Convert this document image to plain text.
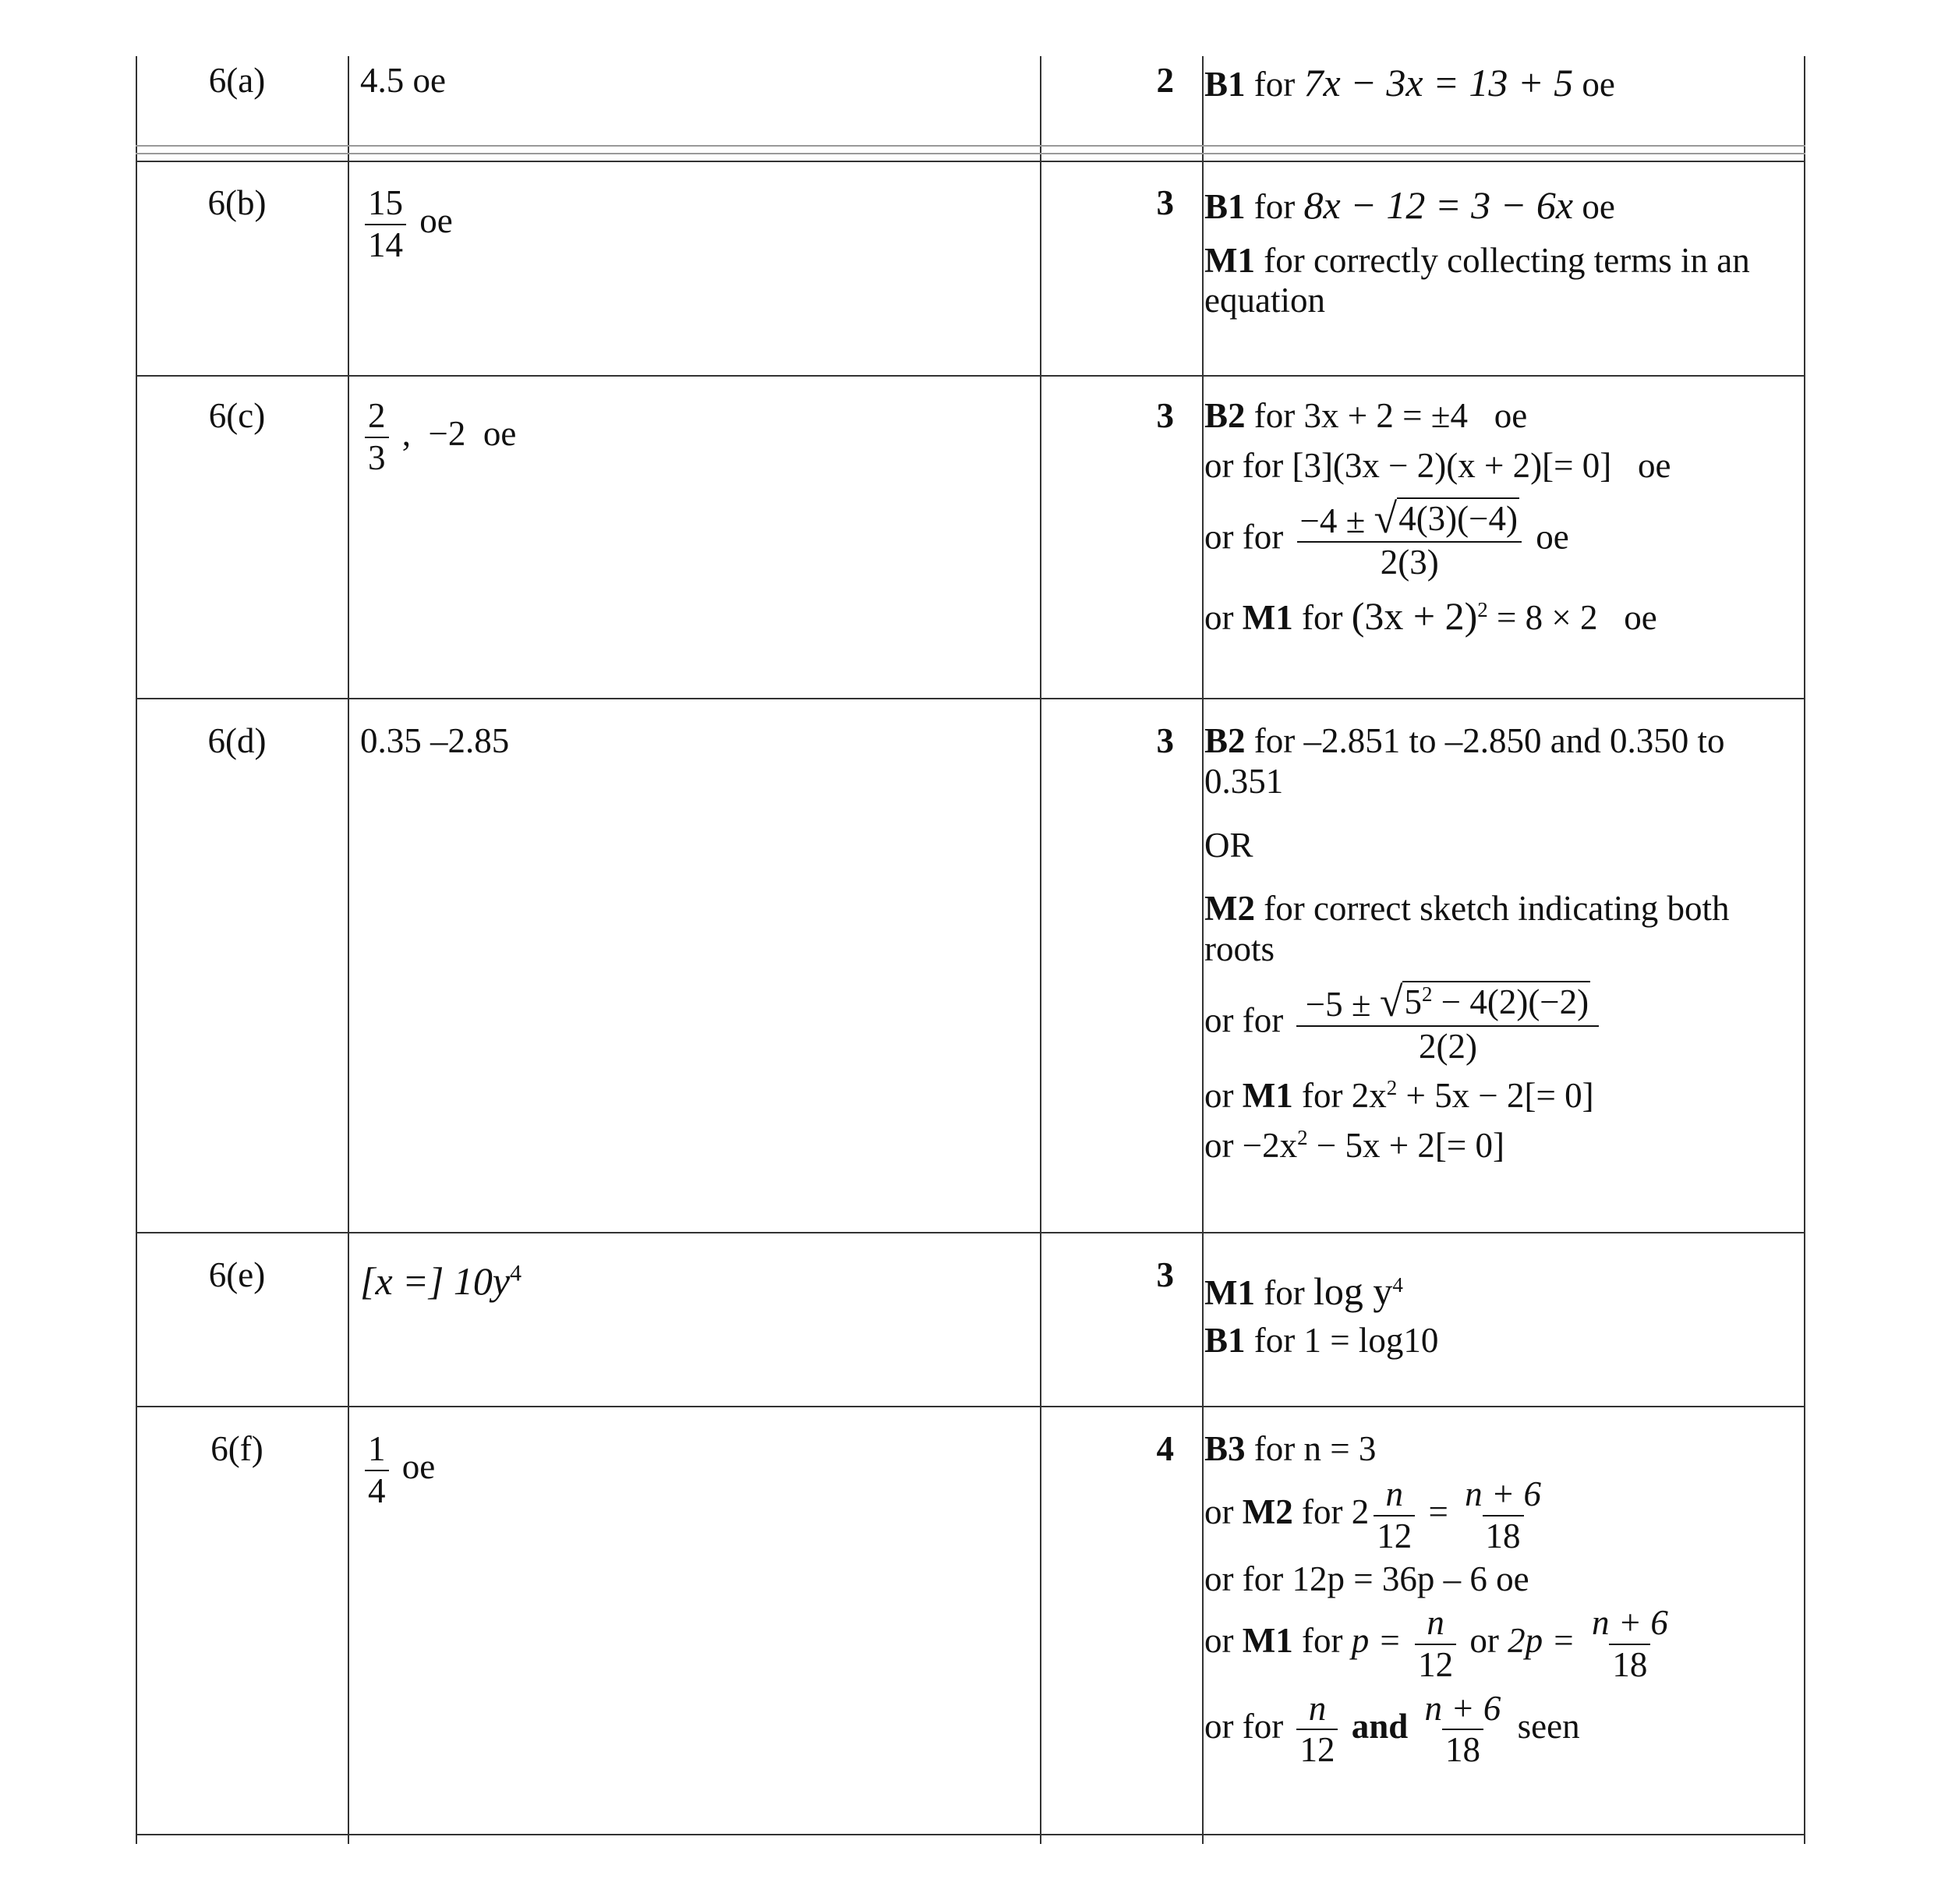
6(a)	4.5 oe	2 B1 for 7x − 3x = 13 + 5 oe

6(b)	$\frac{15}{14}$ oe	3 B1 for 8x − 12 = 3 − 6x oe

M1 for correctly collecting terms in an equation

6(c)	$\frac{2}{3}$ ,  −2  oe	3 B2 for 3x + 2 = ±4   oe

or for [3](3x − 2)(x + 2)[= 0]   oe

or for $\frac{-4 \pm √ 4(3)(-4)}{2(3)}$ oe

or M1 for $(3x + 2)^2 = 8 \times 2$   oe

6(d)	0.35 –2.85	3 B2 for –2.851 to –2.850 and 0.350 to 0.351

OR

M2 for correct sketch indicating both roots

or for $\frac{-5 \pm √ 5^2 - 4(2)(-2)}{2(2)}$

or M1 for $2x^2 + 5x - 2[= 0]$

or $-2x^2 - 5x + 2[= 0]$

6(e)	[x =] $10y^4$	3 M1 for $\log y^4$

B1 for 1 = log10

6(f)	$\frac{1}{4}$ oe	4 B3 for n = 3

or M2 for $2 \frac{n}{12} = \frac{n + 6}{18}$

or for 12p = 36p – 6 oe

or M1 for $p = \frac{n}{12}$ or $2p = \frac{n + 6}{18}$

or for $\frac{n}{12}$ and $\frac{n + 6}{18}$ seen
